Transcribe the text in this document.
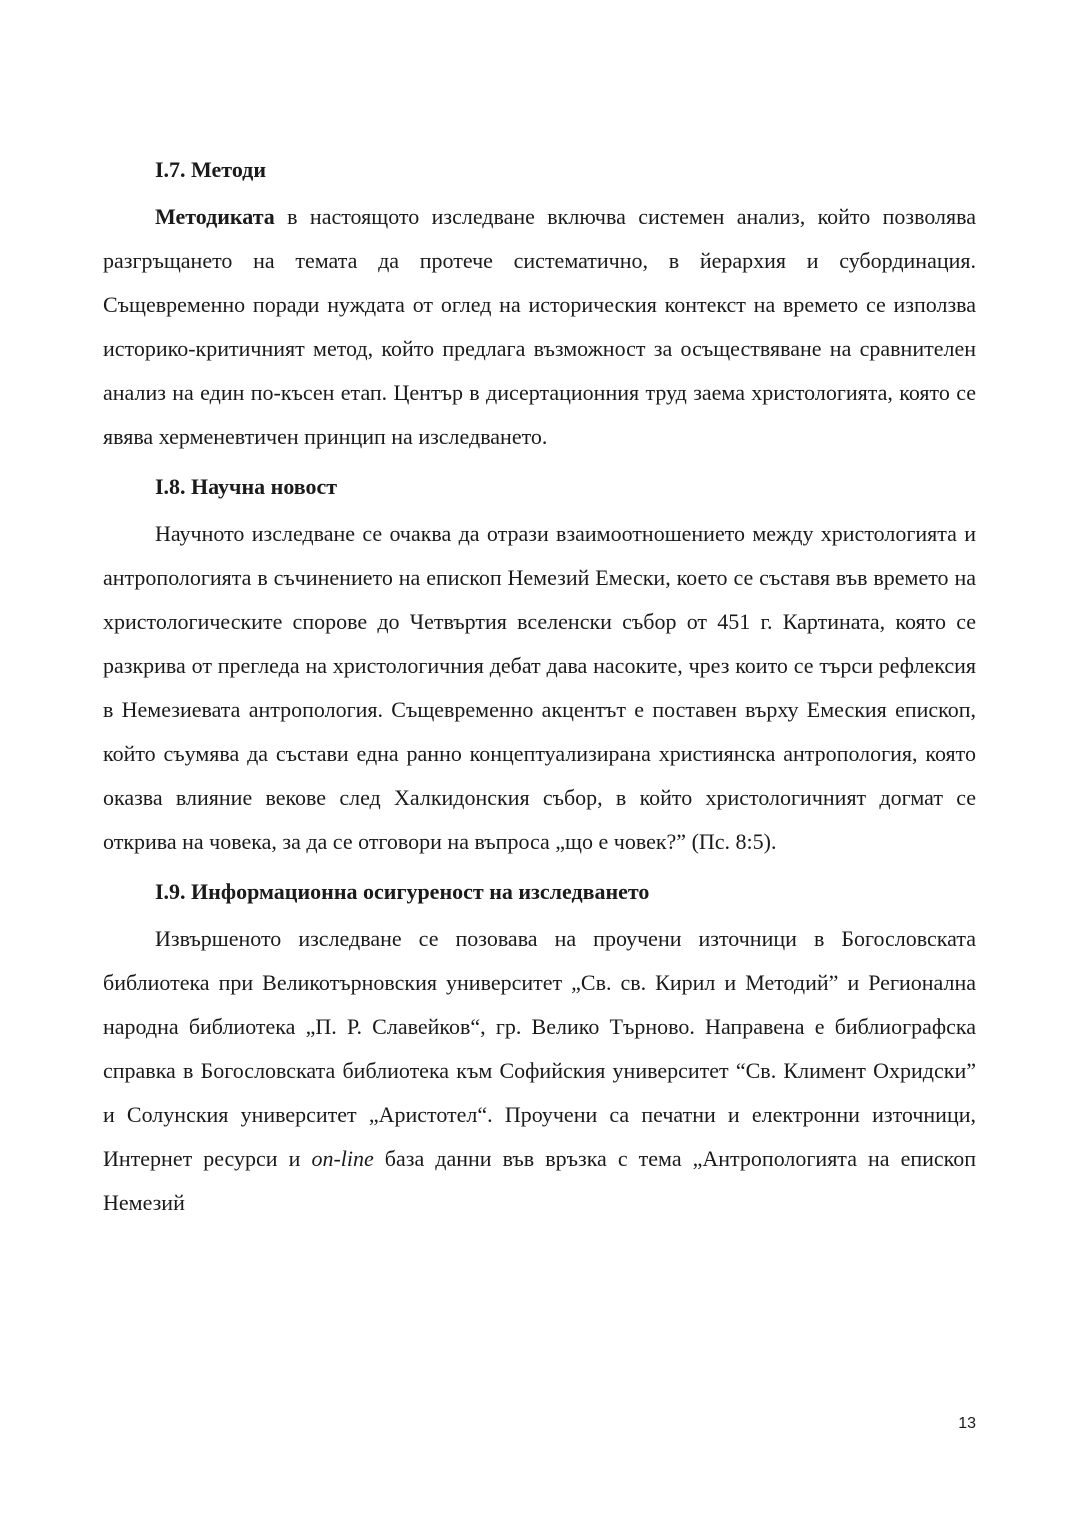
I.7. Методи

Методиката в настоящото изследване включва системен анализ, който позволява разгръщането на темата да протече систематично, в йерархия и субординация. Същевременно поради нуждата от оглед на историческия контекст на времето се използва историко-критичният метод, който предлага възможност за осъществяване на сравнителен анализ на един по-късен етап. Център в дисертационния труд заема христологията, която се явява херменевтичен принцип на изследването.

I.8. Научна новост

Научното изследване се очаква да отрази взаимоотношението между христологията и антропологията в съчинението на епископ Немезий Емески, което се съставя във времето на христологическите спорове до Четвъртия вселенски събор от 451 г. Картината, която се разкрива от прегледа на христологичния дебат дава насоките, чрез които се търси рефлексия в Немезиевата антропология. Същевременно акцентът е поставен върху Емеския епископ, който съумява да състави една ранно концептуализирана християнска антропология, която оказва влияние векове след Халкидонския събор, в който христологичният догмат се открива на човека, за да се отговори на въпроса „що е човек?” (Пс. 8:5).

I.9. Информационна осигуреност на изследването

Извършеното изследване се позовава на проучени източници в Богословската библиотека при Великотърновския университет „Св. св. Кирил и Методий” и Регионална народна библиотека „П. Р. Славейков“, гр. Велико Търново. Направена е библиографска справка в Богословската библиотека към Софийския университет “Св. Климент Охридски” и Солунския университет „Аристотел“. Проучени са печатни и електронни източници, Интернет ресурси и on-line база данни във връзка с тема „Антропологията на епископ Немезий

13
